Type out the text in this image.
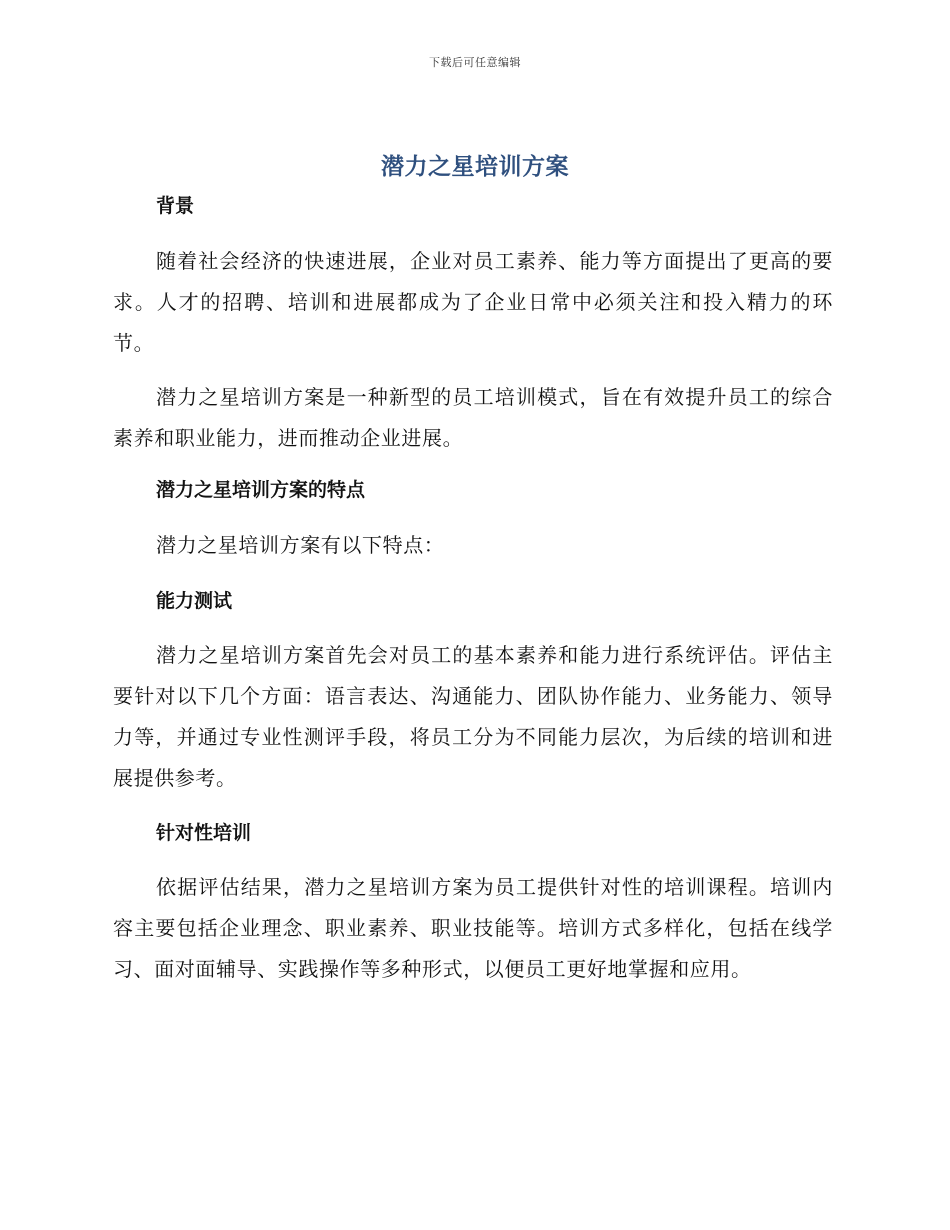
下载后可任意编辑
潜力之星培训方案

背景

随着社会经济的快速进展，企业对员工素养、能力等方面提出了更高的要求。人才的招聘、培训和进展都成为了企业日常中必须关注和投入精力的环节。

潜力之星培训方案是一种新型的员工培训模式，旨在有效提升员工的综合素养和职业能力，进而推动企业进展。

潜力之星培训方案的特点

潜力之星培训方案有以下特点：

能力测试

潜力之星培训方案首先会对员工的基本素养和能力进行系统评估。评估主要针对以下几个方面：语言表达、沟通能力、团队协作能力、业务能力、领导力等，并通过专业性测评手段，将员工分为不同能力层次，为后续的培训和进展提供参考。

针对性培训

依据评估结果，潜力之星培训方案为员工提供针对性的培训课程。培训内容主要包括企业理念、职业素养、职业技能等。培训方式多样化，包括在线学习、面对面辅导、实践操作等多种形式，以便员工更好地掌握和应用。
